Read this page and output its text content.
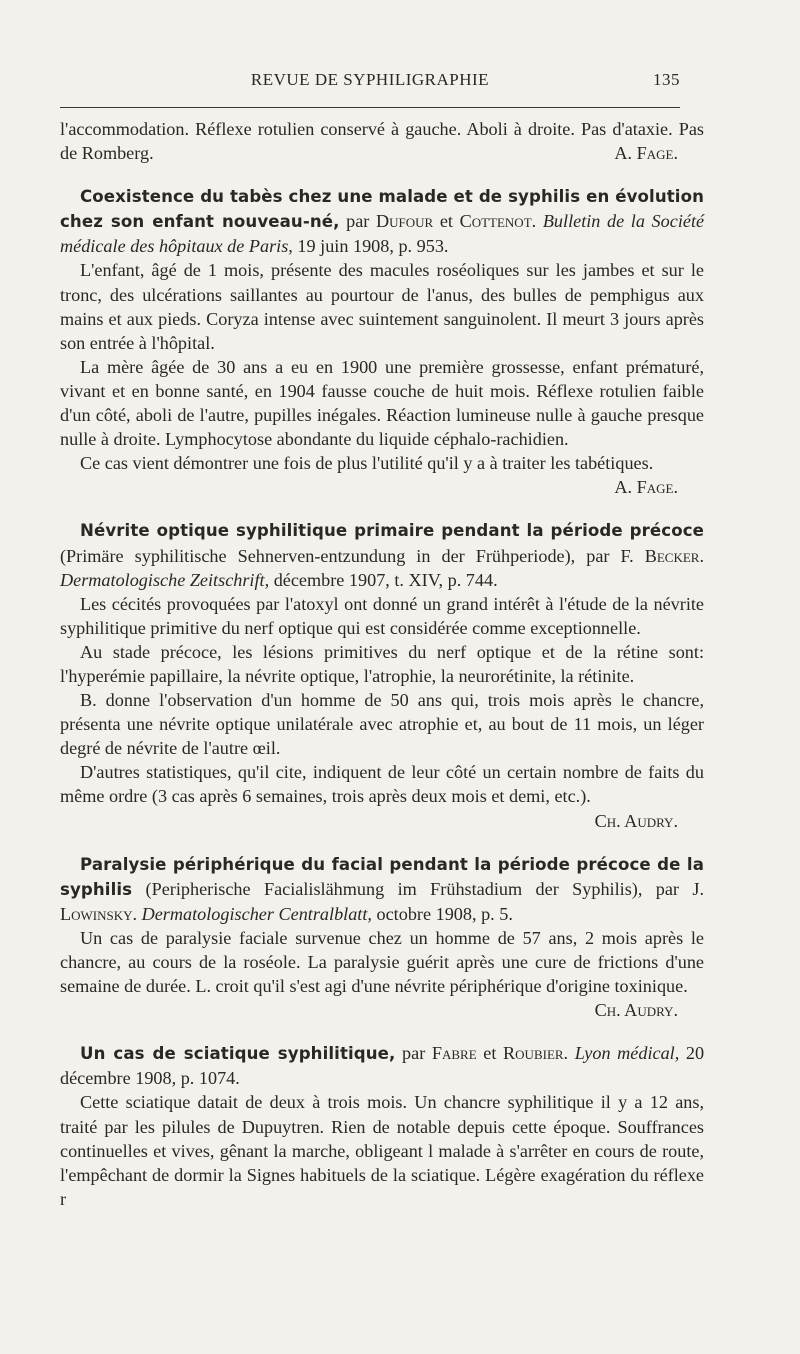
REVUE DE SYPHILIGRAPHIE	135

l'accommodation. Réflexe rotulien conservé à gauche. Aboli à droite. Pas d'ataxie. Pas de Romberg.	A. Fage.

Coexistence du tabès chez une malade et de syphilis en évolution chez son enfant nouveau-né, par Dufour et Cottenot. Bulletin de la Société médicale des hôpitaux de Paris, 19 juin 1908, p. 953.

L'enfant, âgé de 1 mois, présente des macules roséoliques sur les jambes et sur le tronc, des ulcérations saillantes au pourtour de l'anus, des bulles de pemphigus aux mains et aux pieds. Coryza intense avec suintement sanguinolent. Il meurt 3 jours après son entrée à l'hôpital.

La mère âgée de 30 ans a eu en 1900 une première grossesse, enfant prématuré, vivant et en bonne santé, en 1904 fausse couche de huit mois. Réflexe rotulien faible d'un côté, aboli de l'autre, pupilles inégales. Réaction lumineuse nulle à gauche presque nulle à droite. Lymphocytose abondante du liquide céphalo-rachidien.

Ce cas vient démontrer une fois de plus l'utilité qu'il y a à traiter les tabétiques.
A. Fage.

Névrite optique syphilitique primaire pendant la période précoce (Primäre syphilitische Sehnerven-entzundung in der Frühperiode), par F. Becker. Dermatologische Zeitschrift, décembre 1907, t. XIV, p. 744.

Les cécités provoquées par l'atoxyl ont donné un grand intérêt à l'étude de la névrite syphilitique primitive du nerf optique qui est considérée comme exceptionnelle.

Au stade précoce, les lésions primitives du nerf optique et de la rétine sont: l'hyperémie papillaire, la névrite optique, l'atrophie, la neurorétinite, la rétinite.

B. donne l'observation d'un homme de 50 ans qui, trois mois après le chancre, présenta une névrite optique unilatérale avec atrophie et, au bout de 11 mois, un léger degré de névrite de l'autre œil.

D'autres statistiques, qu'il cite, indiquent de leur côté un certain nombre de faits du même ordre (3 cas après 6 semaines, trois après deux mois et demi, etc.).
Ch. Audry.

Paralysie périphérique du facial pendant la période précoce de la syphilis (Peripherische Facialislähmung im Frühstadium der Syphilis), par J. Lowinsky. Dermatologischer Centralblatt, octobre 1908, p. 5.

Un cas de paralysie faciale survenue chez un homme de 57 ans, 2 mois après le chancre, au cours de la roséole. La paralysie guérit après une cure de frictions d'une semaine de durée. L. croit qu'il s'est agi d'une névrite périphérique d'origine toxinique.
Ch. Audry.

Un cas de sciatique syphilitique, par Fabre et Roubier. Lyon médical, 20 décembre 1908, p. 1074.

Cette sciatique datait de deux à trois mois. Un chancre syphilitique il y a 12 ans, traité par les pilules de Dupuytren. Rien de notable depuis cette époque. Souffrances continuelles et vives, gênant la marche, obligeant l malade à s'arrêter en cours de route, l'empêchant de dormir la Signes habituels de la sciatique. Légère exagération du réflexe r
